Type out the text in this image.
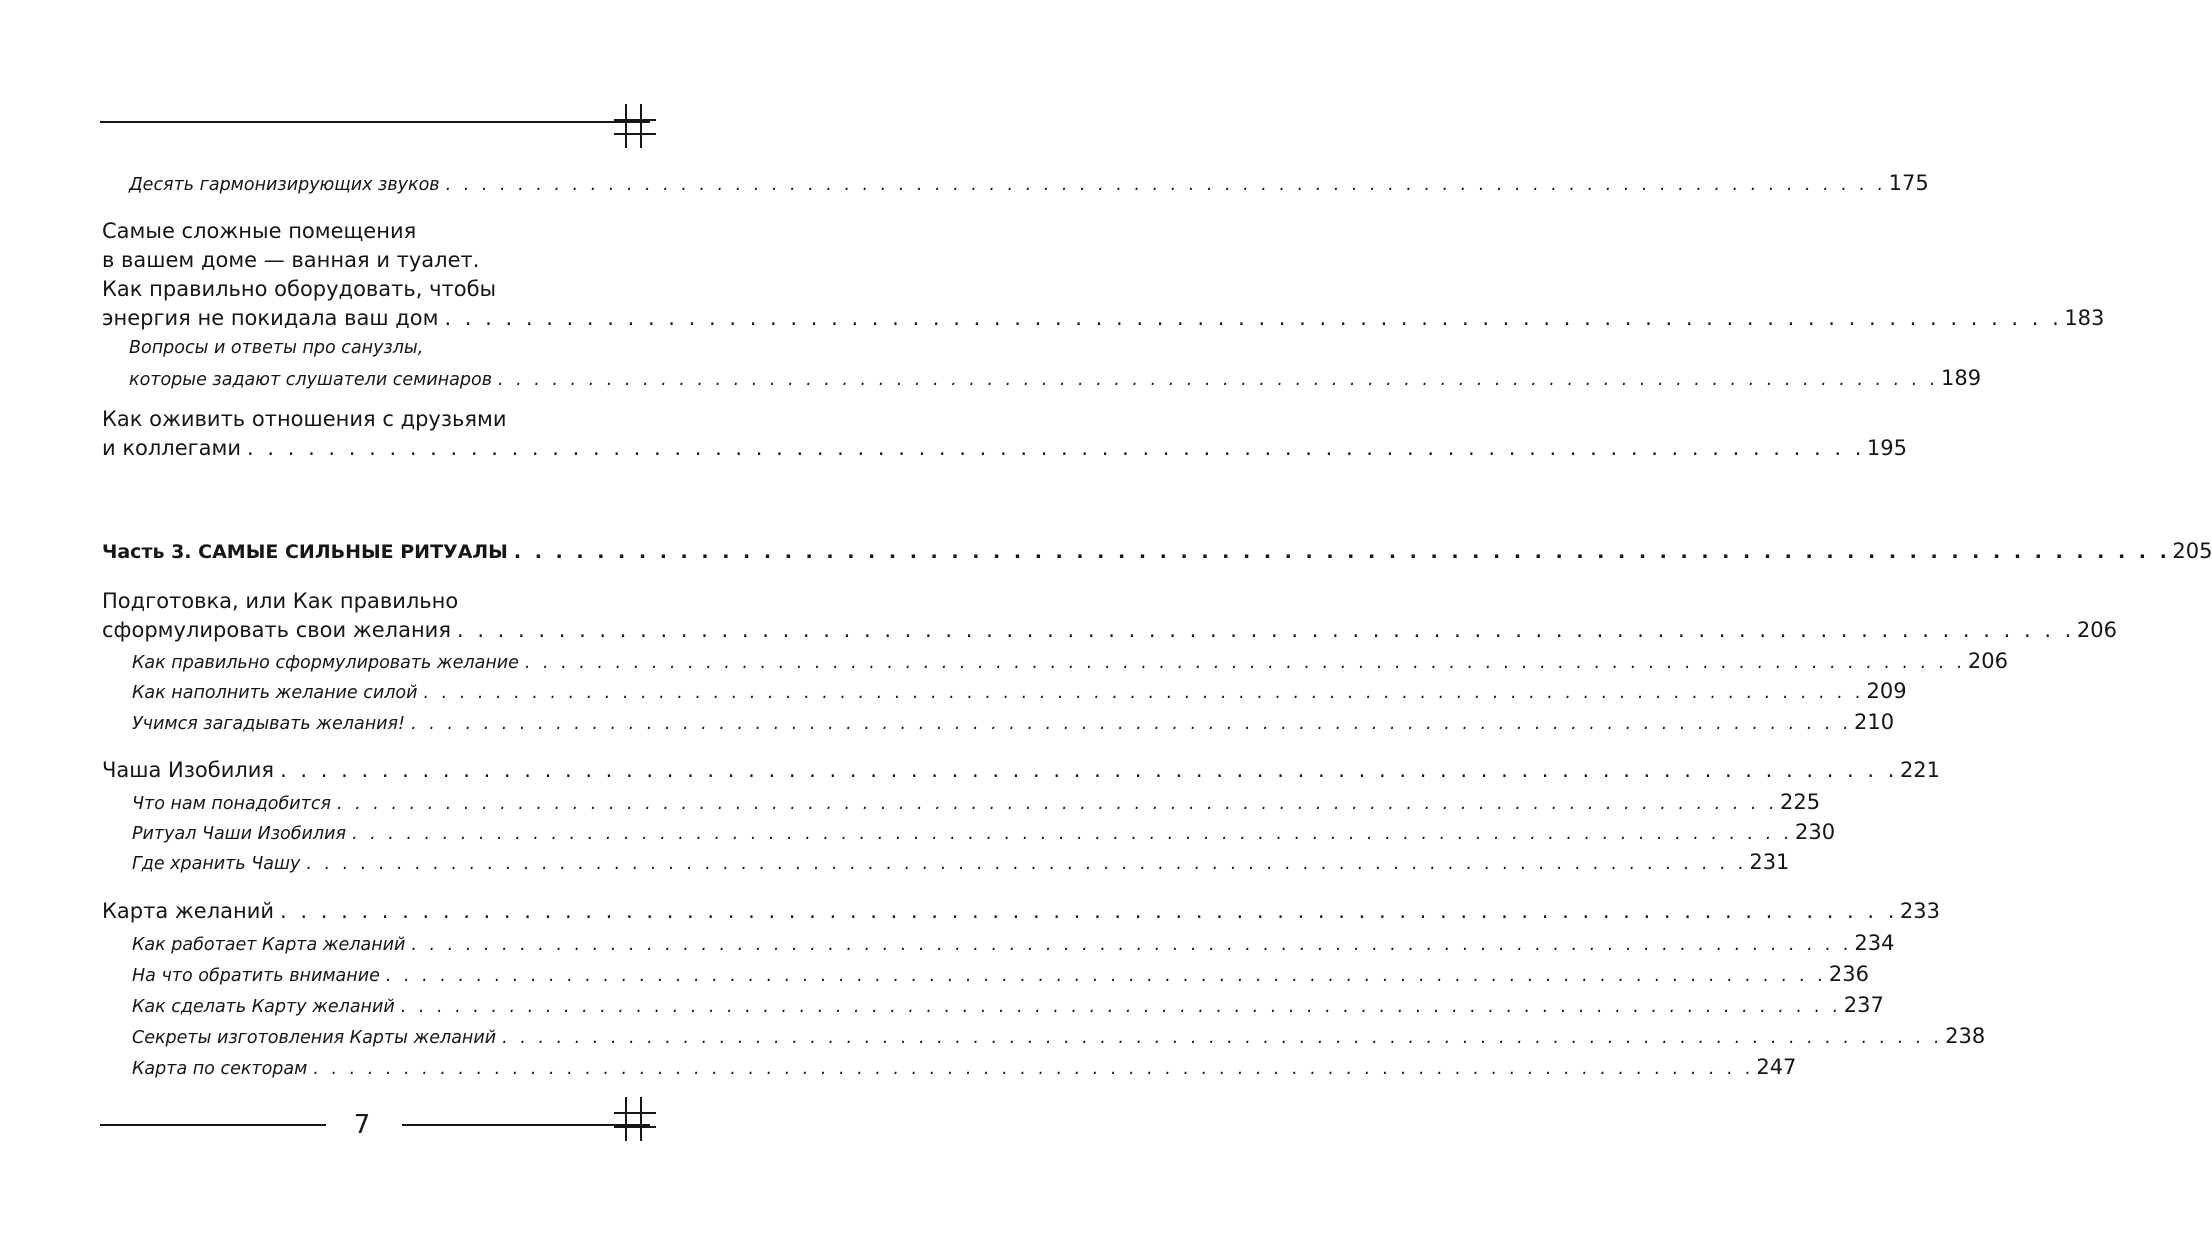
Десять гармонизирующих звуков . . . . . . . . . . . . . . . . . . . . . . . . . . . . . . . . . . . . . . . . . . . . . . . . . . . . . . . . . . . . . . . . . . . . . . . . . . . . . . . . 175
Самые сложные помещения
в вашем доме — ванная и туалет.
Как правильно оборудовать, чтобы
энергия не покидала ваш дом . . . . . . . . . . . . . . . . . . . . . . . . . . . . . . . . . . . . . . . . . . . . . . . . . . . . . . . . . . . . . . . . . . . . . . . . . . . . . . . . 183
Вопросы и ответы про санузлы,
которые задают слушатели семинаров . . . . . . . . . . . . . . . . . . . . . . . . . . . . . . . . . . . . . . . . . . . . . . . . . . . . . . . . . . . . . . . . . . . . . . . . . . . . . . . . 189
Как оживить отношения с друзьями
и коллегами . . . . . . . . . . . . . . . . . . . . . . . . . . . . . . . . . . . . . . . . . . . . . . . . . . . . . . . . . . . . . . . . . . . . . . . . . . . . . . . . 195
Часть 3. САМЫЕ СИЛЬНЫЕ РИТУАЛЫ . . . . . . . . . . . . . . . . . . . . . . . . . . . . . . . . . . . . . . . . . . . . . . . . . . . . . . . . . . . . . . . . . . . . . . . . . . . . . . . . 205
Подготовка, или Как правильно
сформулировать свои желания . . . . . . . . . . . . . . . . . . . . . . . . . . . . . . . . . . . . . . . . . . . . . . . . . . . . . . . . . . . . . . . . . . . . . . . . . . . . . . . . 206
Как правильно сформулировать желание . . . . . . . . . . . . . . . . . . . . . . . . . . . . . . . . . . . . . . . . . . . . . . . . . . . . . . . . . . . . . . . . . . . . . . . . . . . . . . . . 206
Как наполнить желание силой . . . . . . . . . . . . . . . . . . . . . . . . . . . . . . . . . . . . . . . . . . . . . . . . . . . . . . . . . . . . . . . . . . . . . . . . . . . . . . . . 209
Учимся загадывать желания! . . . . . . . . . . . . . . . . . . . . . . . . . . . . . . . . . . . . . . . . . . . . . . . . . . . . . . . . . . . . . . . . . . . . . . . . . . . . . . . . 210
Чаша Изобилия . . . . . . . . . . . . . . . . . . . . . . . . . . . . . . . . . . . . . . . . . . . . . . . . . . . . . . . . . . . . . . . . . . . . . . . . . . . . . . . . 221
Что нам понадобится . . . . . . . . . . . . . . . . . . . . . . . . . . . . . . . . . . . . . . . . . . . . . . . . . . . . . . . . . . . . . . . . . . . . . . . . . . . . . . . . 225
Ритуал Чаши Изобилия . . . . . . . . . . . . . . . . . . . . . . . . . . . . . . . . . . . . . . . . . . . . . . . . . . . . . . . . . . . . . . . . . . . . . . . . . . . . . . . . 230
Где хранить Чашу . . . . . . . . . . . . . . . . . . . . . . . . . . . . . . . . . . . . . . . . . . . . . . . . . . . . . . . . . . . . . . . . . . . . . . . . . . . . . . . . 231
Карта желаний . . . . . . . . . . . . . . . . . . . . . . . . . . . . . . . . . . . . . . . . . . . . . . . . . . . . . . . . . . . . . . . . . . . . . . . . . . . . . . . . 233
Как работает Карта желаний . . . . . . . . . . . . . . . . . . . . . . . . . . . . . . . . . . . . . . . . . . . . . . . . . . . . . . . . . . . . . . . . . . . . . . . . . . . . . . . . 234
На что обратить внимание . . . . . . . . . . . . . . . . . . . . . . . . . . . . . . . . . . . . . . . . . . . . . . . . . . . . . . . . . . . . . . . . . . . . . . . . . . . . . . . . 236
Как сделать Карту желаний . . . . . . . . . . . . . . . . . . . . . . . . . . . . . . . . . . . . . . . . . . . . . . . . . . . . . . . . . . . . . . . . . . . . . . . . . . . . . . . . 237
Секреты изготовления Карты желаний . . . . . . . . . . . . . . . . . . . . . . . . . . . . . . . . . . . . . . . . . . . . . . . . . . . . . . . . . . . . . . . . . . . . . . . . . . . . . . . . 238
Карта по секторам . . . . . . . . . . . . . . . . . . . . . . . . . . . . . . . . . . . . . . . . . . . . . . . . . . . . . . . . . . . . . . . . . . . . . . . . . . . . . . . . 247
7
